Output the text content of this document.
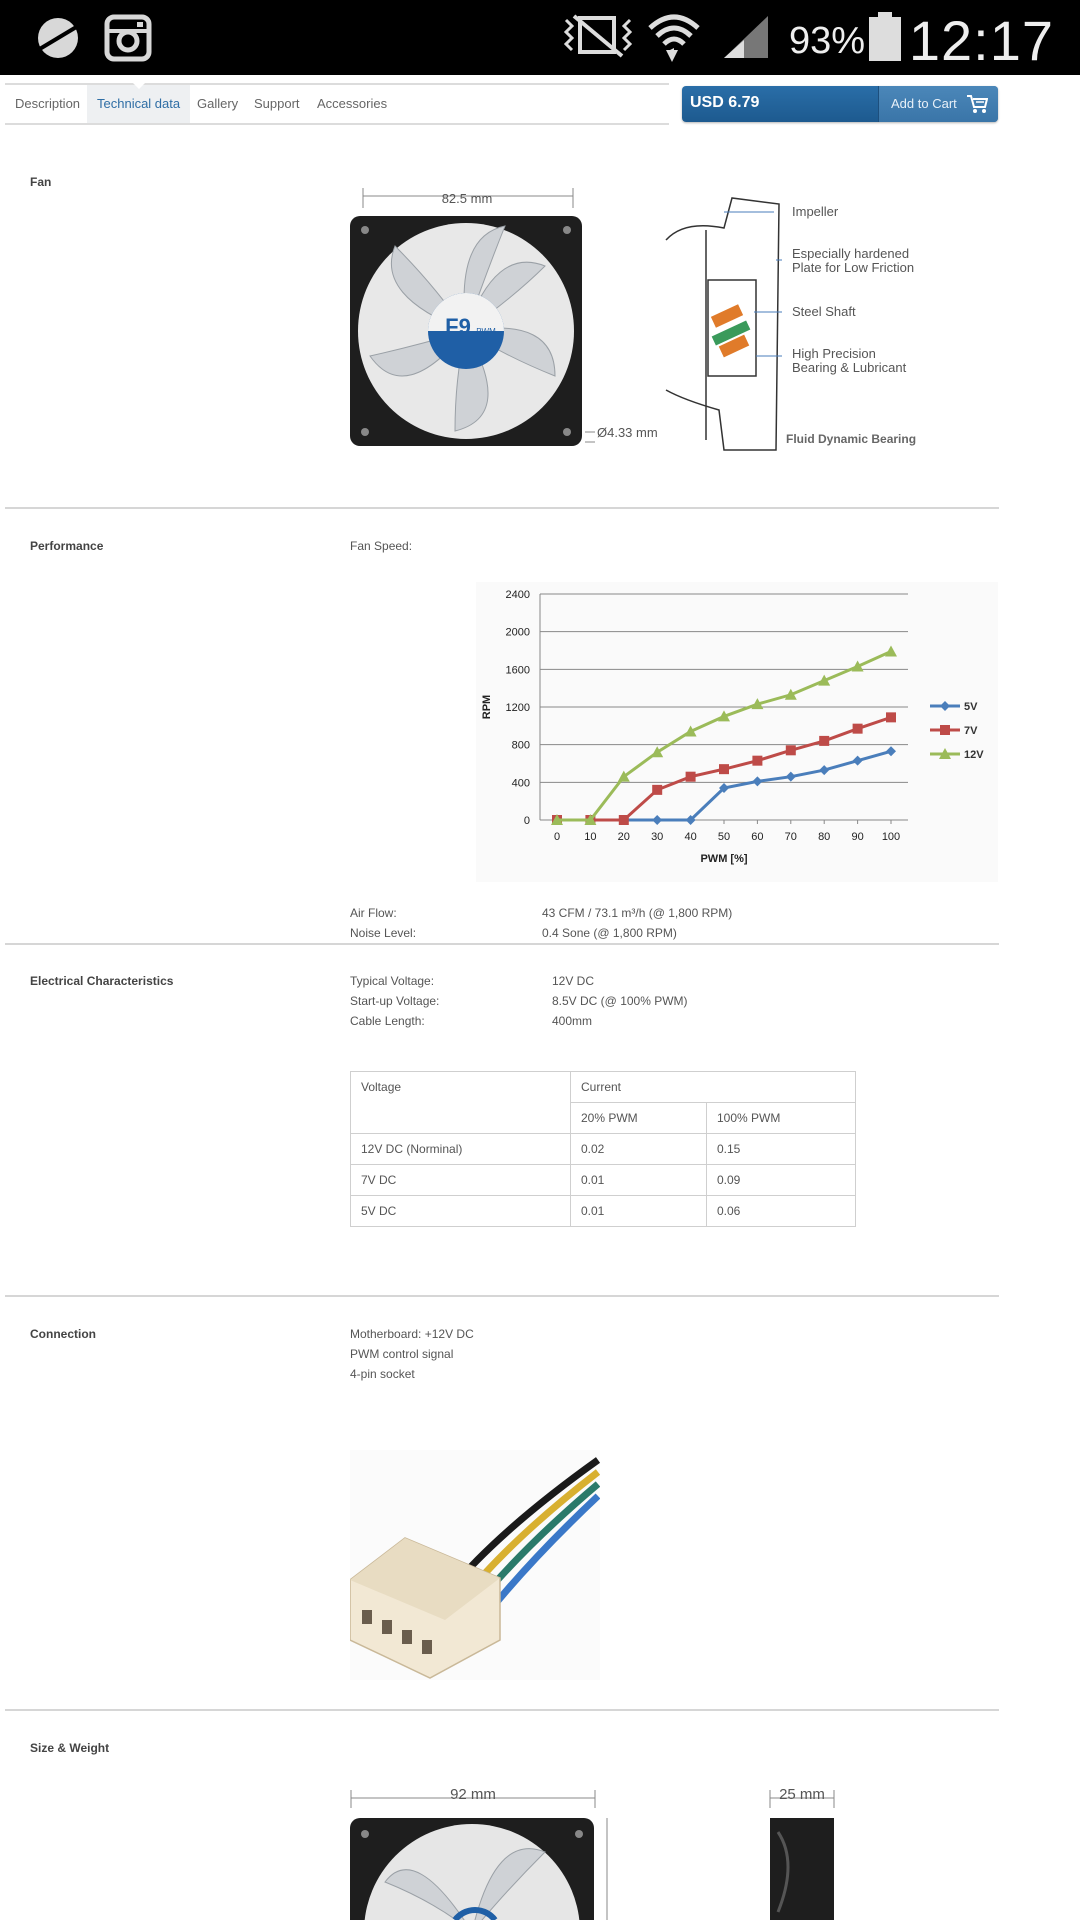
93% 12:17
Description	Technical data	Gallery	Support	Accessories	USD 6.79	Add to Cart
Fan
82.5 mm
F9 PWM
Ø4.33 mm
Impeller
Especially hardened
Plate for Low Friction
Steel Shaft
High Precision
Bearing & Lubricant
Fluid Dynamic Bearing
Performance	Fan Speed:
0
400
800
1200
1600
2000
2400
0 10 20 30 40 50 60 70 80 90 100
PWM [%]
RPM	5V
7V
12V
Air Flow:	43 CFM / 73.1 m³/h (@ 1,800 RPM)
Noise Level:	0.4 Sone (@ 1,800 RPM)
Electrical Characteristics	Typical Voltage:	12V DC
Start-up Voltage:	8.5V DC (@ 100% PWM)
Cable Length:	400mm
Voltage	Current	
	20% PWM	100% PWM
12V DC (Norminal)	0.02	0.15
7V DC	0.01	0.09
5V DC	0.01	0.06
Connection	Motherboard: +12V DC
PWM control signal
4-pin socket
Size & Weight
92 mm	25 mm
